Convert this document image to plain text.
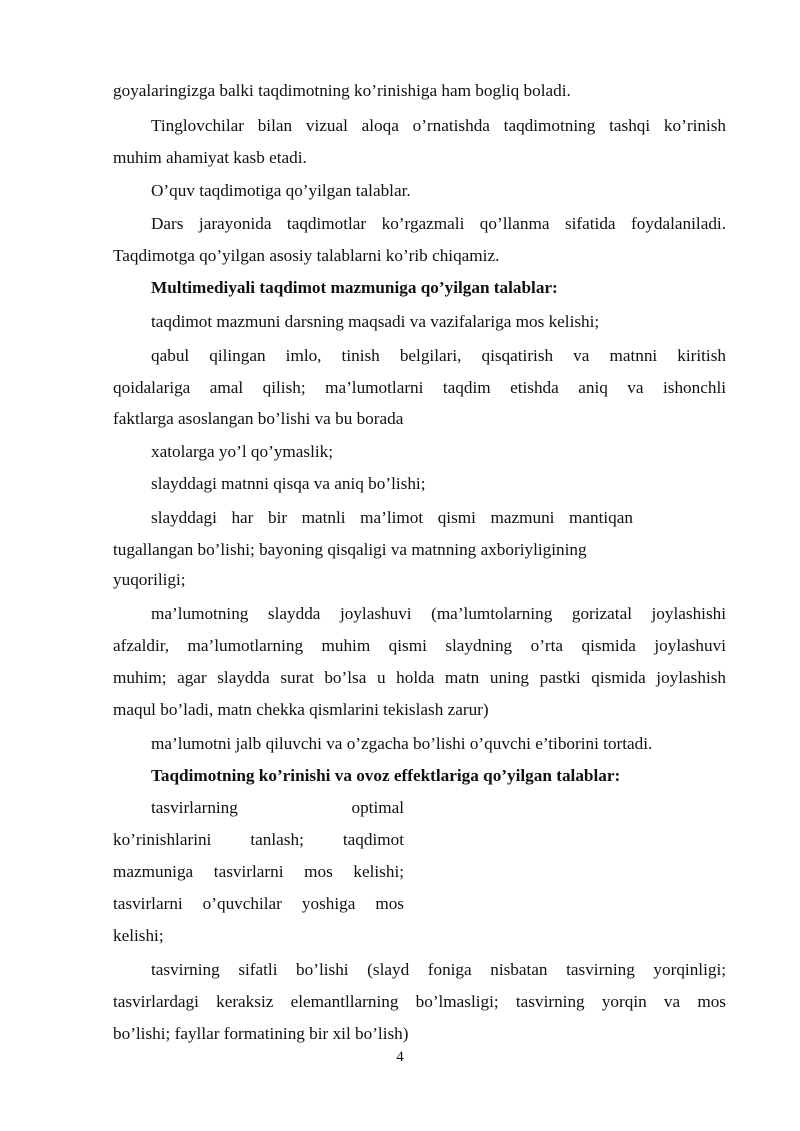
goyalaringizga balki taqdimotning ko’rinishiga ham bogliq boladi.
Tinglovchilar bilan vizual aloqa o’rnatishda taqdimotning tashqi ko’rinish
muhim ahamiyat kasb etadi.
O’quv taqdimotiga qo’yilgan talablar.
Dars jarayonida taqdimotlar ko’rgazmali qo’llanma sifatida foydalaniladi.
Taqdimotga qo’yilgan asosiy talablarni ko’rib chiqamiz.
Multimediyali taqdimot mazmuniga qo’yilgan talablar:
taqdimot mazmuni darsning maqsadi va vazifalariga mos kelishi;
qabul qilingan imlo, tinish belgilari, qisqatirish va matnni kiritish
qoidalariga amal qilish; ma’lumotlarni taqdim etishda aniq va ishonchli
faktlarga asoslangan bo’lishi va bu borada
xatolarga yo’l qo’ymaslik;
slayddagi matnni qisqa va aniq bo’lishi;
slayddagi har bir matnli ma’limot qismi mazmuni mantiqan
tugallangan bo’lishi; bayoning qisqaligi va matnning axboriyligining
yuqoriligi;
ma’lumotning slaydda joylashuvi (ma’lumtolarning gorizatal joylashishi
afzaldir, ma’lumotlarning muhim qismi slaydning o’rta qismida joylashuvi
muhim; agar slaydda surat bo’lsa u holda matn uning pastki qismida joylashish
maqul bo’ladi, matn chekka qismlarini tekislash zarur)
ma’lumotni jalb qiluvchi va o’zgacha bo’lishi o’quvchi e’tiborini tortadi.
Taqdimotning ko’rinishi va ovoz effektlariga qo’yilgan talablar:
tasvirlarning optimal
ko’rinishlarini tanlash; taqdimot
mazmuniga tasvirlarni mos kelishi;
tasvirlarni o’quvchilar yoshiga mos
kelishi;
tasvirning sifatli bo’lishi (slayd foniga nisbatan tasvirning yorqinligi;
tasvirlardagi keraksiz elemantllarning bo’lmasligi; tasvirning yorqin va mos
bo’lishi; fayllar formatining bir xil bo’lish)
4
